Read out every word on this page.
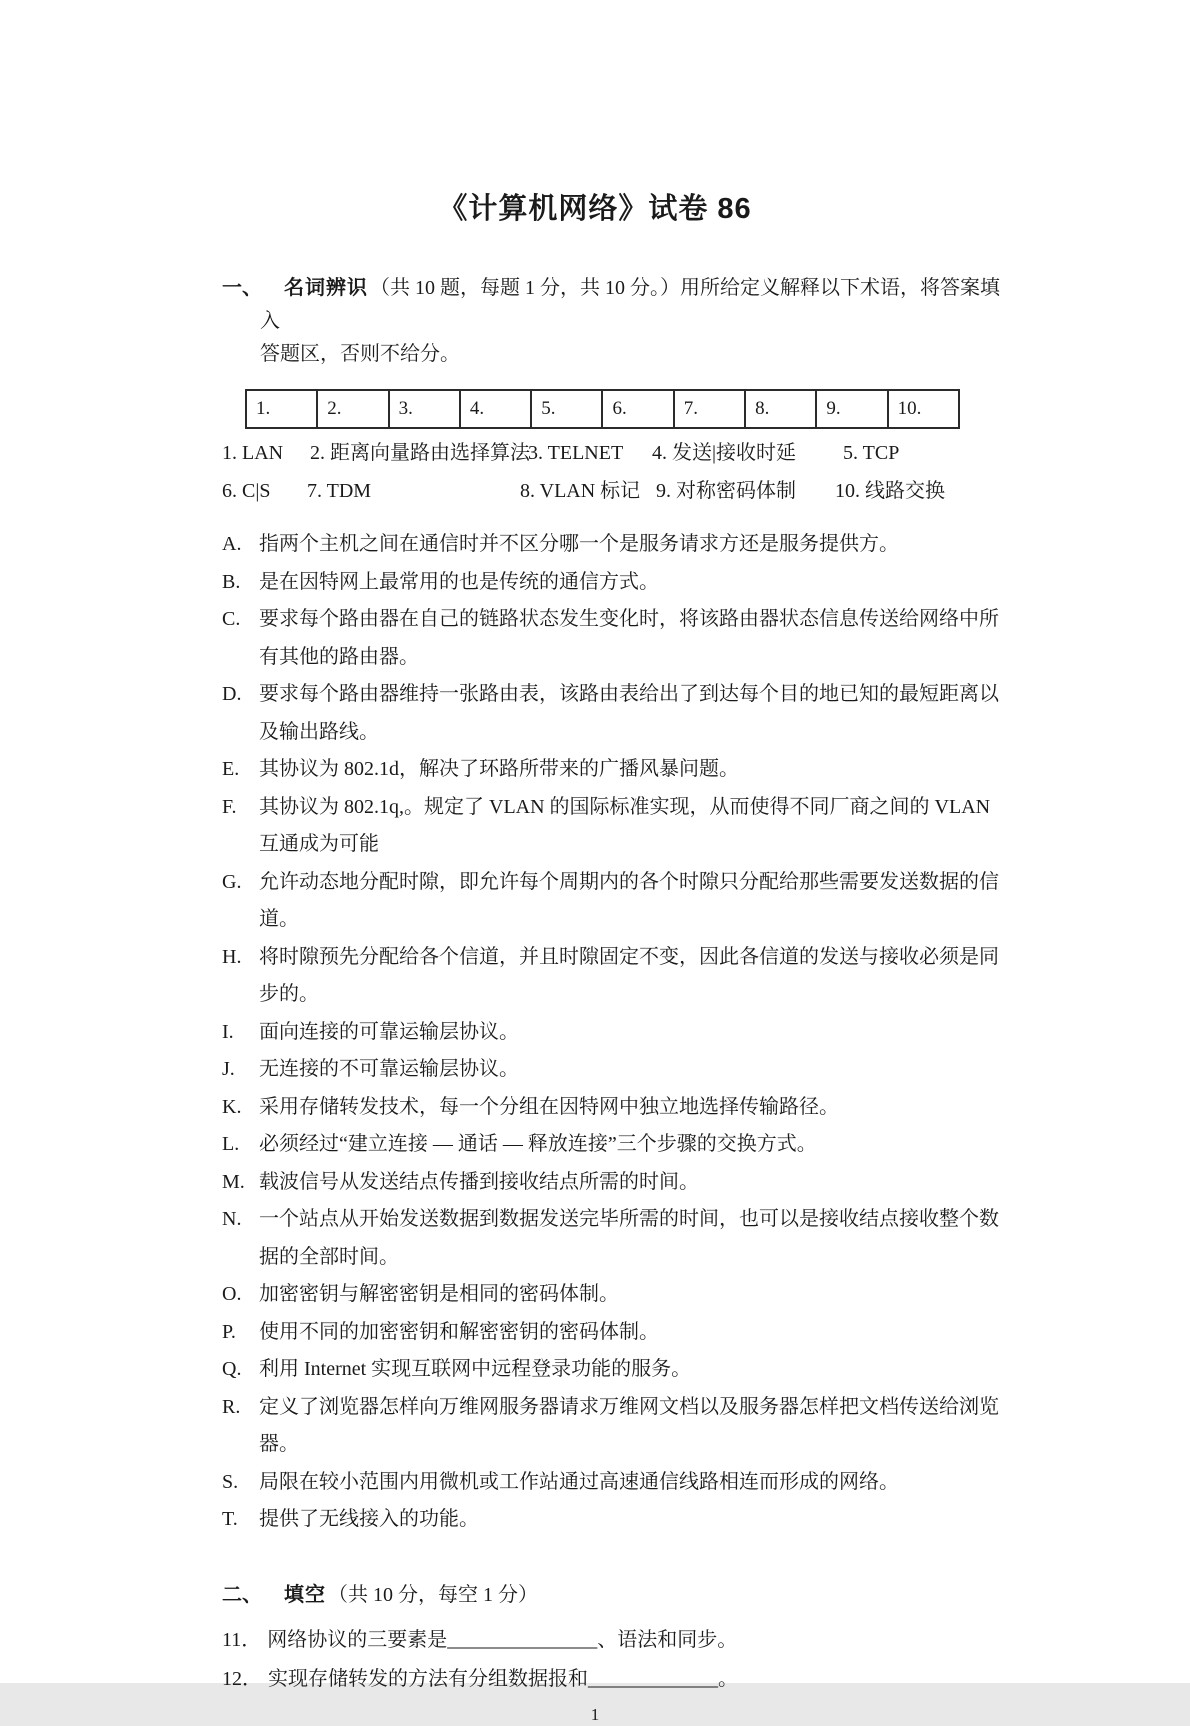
《计算机网络》试卷 86
一、 名词辨识 （共 10 题，每题 1 分，共 10 分。）用所给定义解释以下术语，将答案填入
答题区，否则不给分。
1.	2.	3.	4.	5.	6.	7.	8.	9.	10.
1. LAN 2. 距离向量路由选择算法
3. TELNET 4. 发送|接收时延 5. TCP
6. C|S 7. TDM	8. VLAN 标记 9. 对称密码体制 10. 线路交换
A. 指两个主机之间在通信时并不区分哪一个是服务请求方还是服务提供方。
B. 是在因特网上最常用的也是传统的通信方式。
C. 要求每个路由器在自己的链路状态发生变化时，将该路由器状态信息传送给网络中所有其他的路由器。
D. 要求每个路由器维持一张路由表，该路由表给出了到达每个目的地已知的最短距离以及输出路线。
E. 其协议为 802.1d，解决了环路所带来的广播风暴问题。
F.	其协议为 802.1q,。规定了 VLAN 的国际标准实现，从而使得不同厂商之间的 VLAN 互通成为可能
G. 允许动态地分配时隙，即允许每个周期内的各个时隙只分配给那些需要发送数据的信道。
H. 将时隙预先分配给各个信道，并且时隙固定不变，因此各信道的发送与接收必须是同步的。
I.	面向连接的可靠运输层协议。
J.	无连接的不可靠运输层协议。
K. 采用存储转发技术，每一个分组在因特网中独立地选择传输路径。
L. 必须经过“建立连接 — 通话 — 释放连接”三个步骤的交换方式。
M. 载波信号从发送结点传播到接收结点所需的时间。
N. 一个站点从开始发送数据到数据发送完毕所需的时间，也可以是接收结点接收整个数据的全部时间。
O. 加密密钥与解密密钥是相同的密码体制。
P.	使用不同的加密密钥和解密密钥的密码体制。
Q. 利用 Internet 实现互联网中远程登录功能的服务。
R. 定义了浏览器怎样向万维网服务器请求万维网文档以及服务器怎样把文档传送给浏览器。
S.	局限在较小范围内用微机或工作站通过高速通信线路相连而形成的网络。
T.	提供了无线接入的功能。
二、 填空 （共 10 分，每空 1 分）
11． 网络协议的三要素是_______________、语法和同步。
12． 实现存储转发的方法有分组数据报和_____________。
1
